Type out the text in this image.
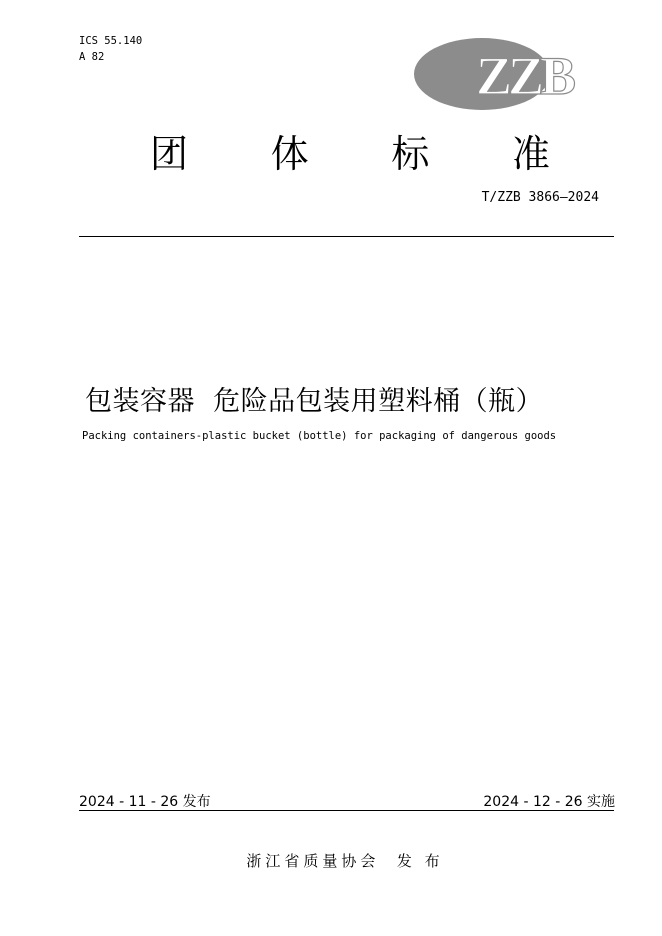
ICS 55.140
A 82	ZZB
团 体 标 准
T/ZZB 3866—2024
包装容器  危险品包装用塑料桶（瓶）
Packing containers-plastic bucket (bottle) for packaging of dangerous goods
2024 - 11 - 26 发布	2024 - 12 - 26 实施
浙江省质量协会  发 布
